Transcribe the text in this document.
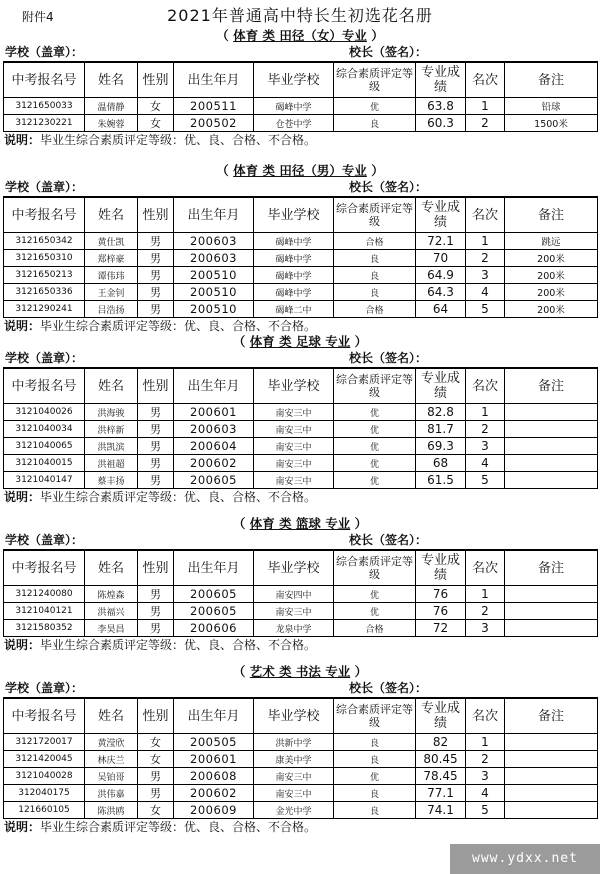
附件4	2021年普通高中特长生初选花名册
（ 体育 类 田径（女）专业 ）
学校（盖章）：	校长（签名）：
中考报名号	姓名	性别	出生年月	毕业学校	综合素质评定等级	专业成绩	名次	备注
3121650033	温倩静	女	200511	碣峰中学	优	63.8	1	铅球
3121230221	朱婉蓉	女	200502	仓苍中学	良	60.3	2	1500米
说明：毕业生综合素质评定等级：优、良、合格、不合格。
（ 体育 类 田径（男）专业 ）
学校（盖章）：	校长（签名）：
中考报名号	姓名	性别	出生年月	毕业学校	综合素质评定等级	专业成绩	名次	备注
3121650342	黄仕凯	男	200603	碣峰中学	合格	72.1	1	跳远
3121650310	郑梓豪	男	200603	碣峰中学	良	70	2	200米
3121650213	谭伟玮	男	200510	碣峰中学	良	64.9	3	200米
3121650336	王金钊	男	200510	碣峰中学	良	64.3	4	200米
3121290241	吕浩扬	男	200510	碣峰二中	合格	64	5	200米
说明：毕业生综合素质评定等级：优、良、合格、不合格。
（ 体育 类 足球 专业 ）
学校（盖章）：	校长（签名）：
中考报名号	姓名	性别	出生年月	毕业学校	综合素质评定等级	专业成绩	名次	备注
3121040026	洪海骏	男	200601	南安三中	优	82.8	1	
3121040034	洪梓新	男	200603	南安三中	优	81.7	2	
3121040065	洪凯滨	男	200604	南安三中	优	69.3	3	
3121040015	洪祖超	男	200602	南安三中	优	68	4	
3121040147	蔡丰扬	男	200605	南安三中	优	61.5	5	
说明：毕业生综合素质评定等级：优、良、合格、不合格。
（ 体育 类 篮球 专业 ）
学校（盖章）：	校长（签名）：
中考报名号	姓名	性别	出生年月	毕业学校	综合素质评定等级	专业成绩	名次	备注
3121240080	陈煌森	男	200605	南安四中	优	76	1	
3121040121	洪福兴	男	200605	南安三中	优	76	2	
3121580352	李昊昌	男	200606	龙泉中学	合格	72	3	
说明：毕业生综合素质评定等级：优、良、合格、不合格。
（ 艺术 类 书法 专业 ）
学校（盖章）：	校长（签名）：
中考报名号	姓名	性别	出生年月	毕业学校	综合素质评定等级	专业成绩	名次	备注
3121720017	黄滢欣	女	200505	洪新中学	良	82	1	
3121420045	林庆兰	女	200601	康美中学	良	80.45	2	
3121040028	吴铂哥	男	200608	南安三中	优	78.45	3	
312040175	洪伟嘉	男	200602	南安三中	良	77.1	4	
121660105	陈洪鸥	女	200609	金光中学	良	74.1	5	
说明：毕业生综合素质评定等级：优、良、合格、不合格。
www.ydxx.net
